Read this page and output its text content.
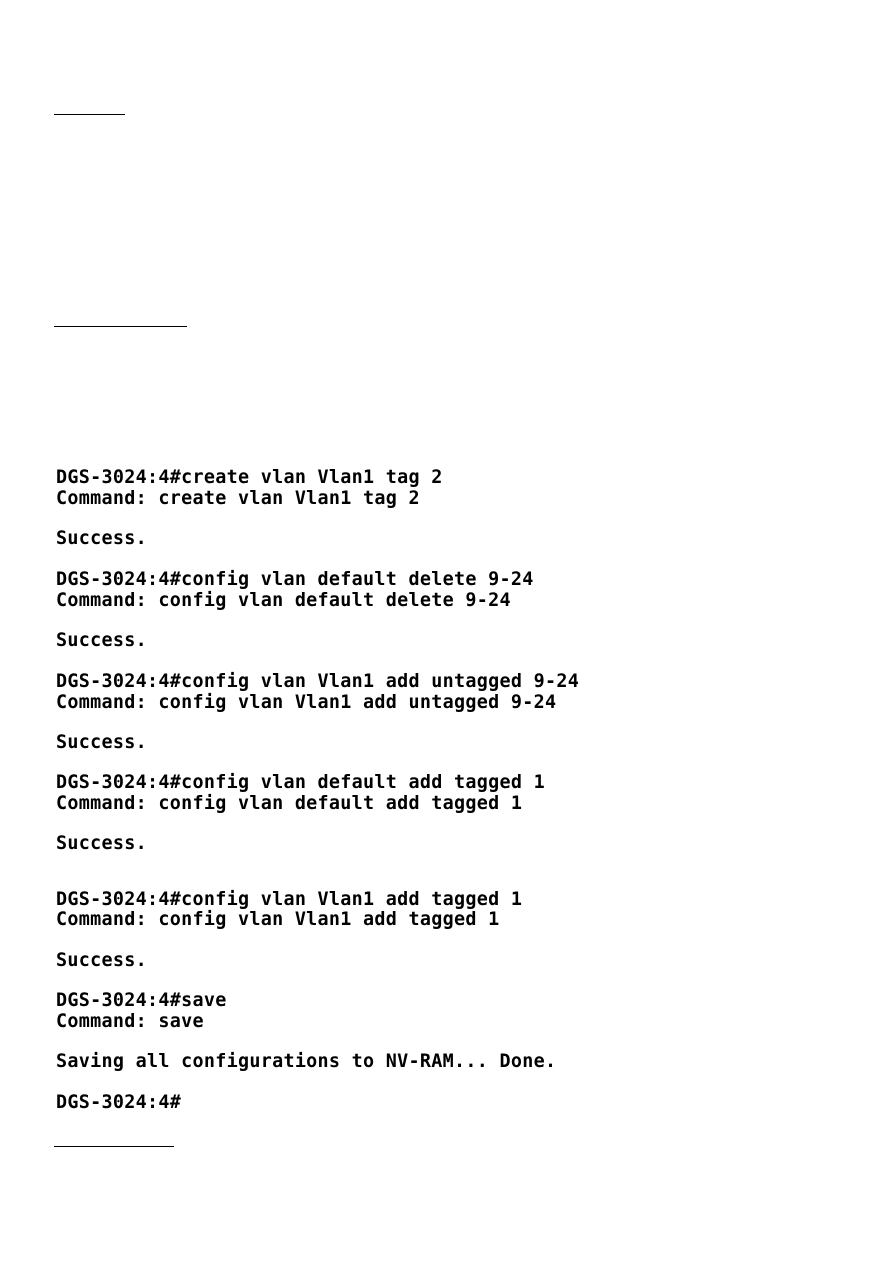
DGS-3024:4#create vlan Vlan1 tag 2
Command: create vlan Vlan1 tag 2
Success.
DGS-3024:4#config vlan default delete 9-24
Command: config vlan default delete 9-24
Success.
DGS-3024:4#config vlan Vlan1 add untagged 9-24
Command: config vlan Vlan1 add untagged 9-24
Success.
DGS-3024:4#config vlan default add tagged 1
Command: config vlan default add tagged 1
Success.
DGS-3024:4#config vlan Vlan1 add tagged 1
Command: config vlan Vlan1 add tagged 1
Success.
DGS-3024:4#save
Command: save
Saving all configurations to NV-RAM... Done.
DGS-3024:4#
